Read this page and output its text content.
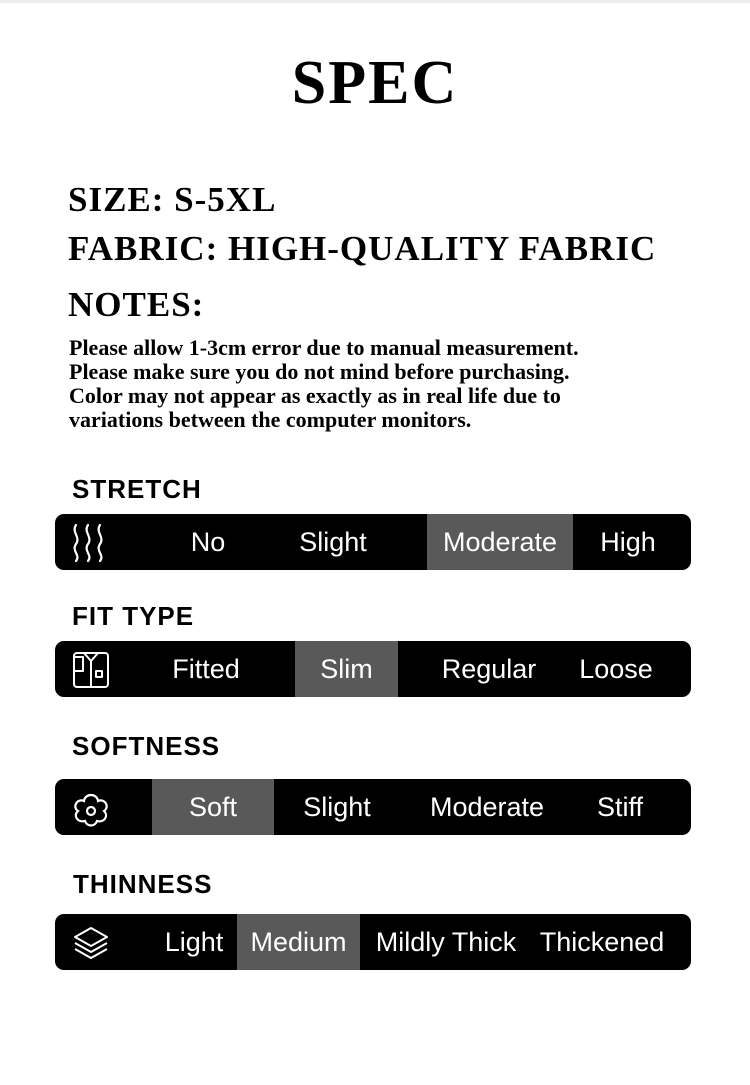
SPEC
SIZE: S-5XL
FABRIC: HIGH-QUALITY FABRIC
NOTES:
Please allow 1-3cm error due to manual measurement.
Please make sure you do not mind before purchasing.
Color may not appear as exactly as in real life due to
variations between the computer monitors.
STRETCH
No	Slight	Moderate	High
FIT TYPE
Fitted	Slim	Regular	Loose
SOFTNESS
Soft	Slight	Moderate	Stiff
THINNESS
Light	Medium	Mildly Thick Thickened
